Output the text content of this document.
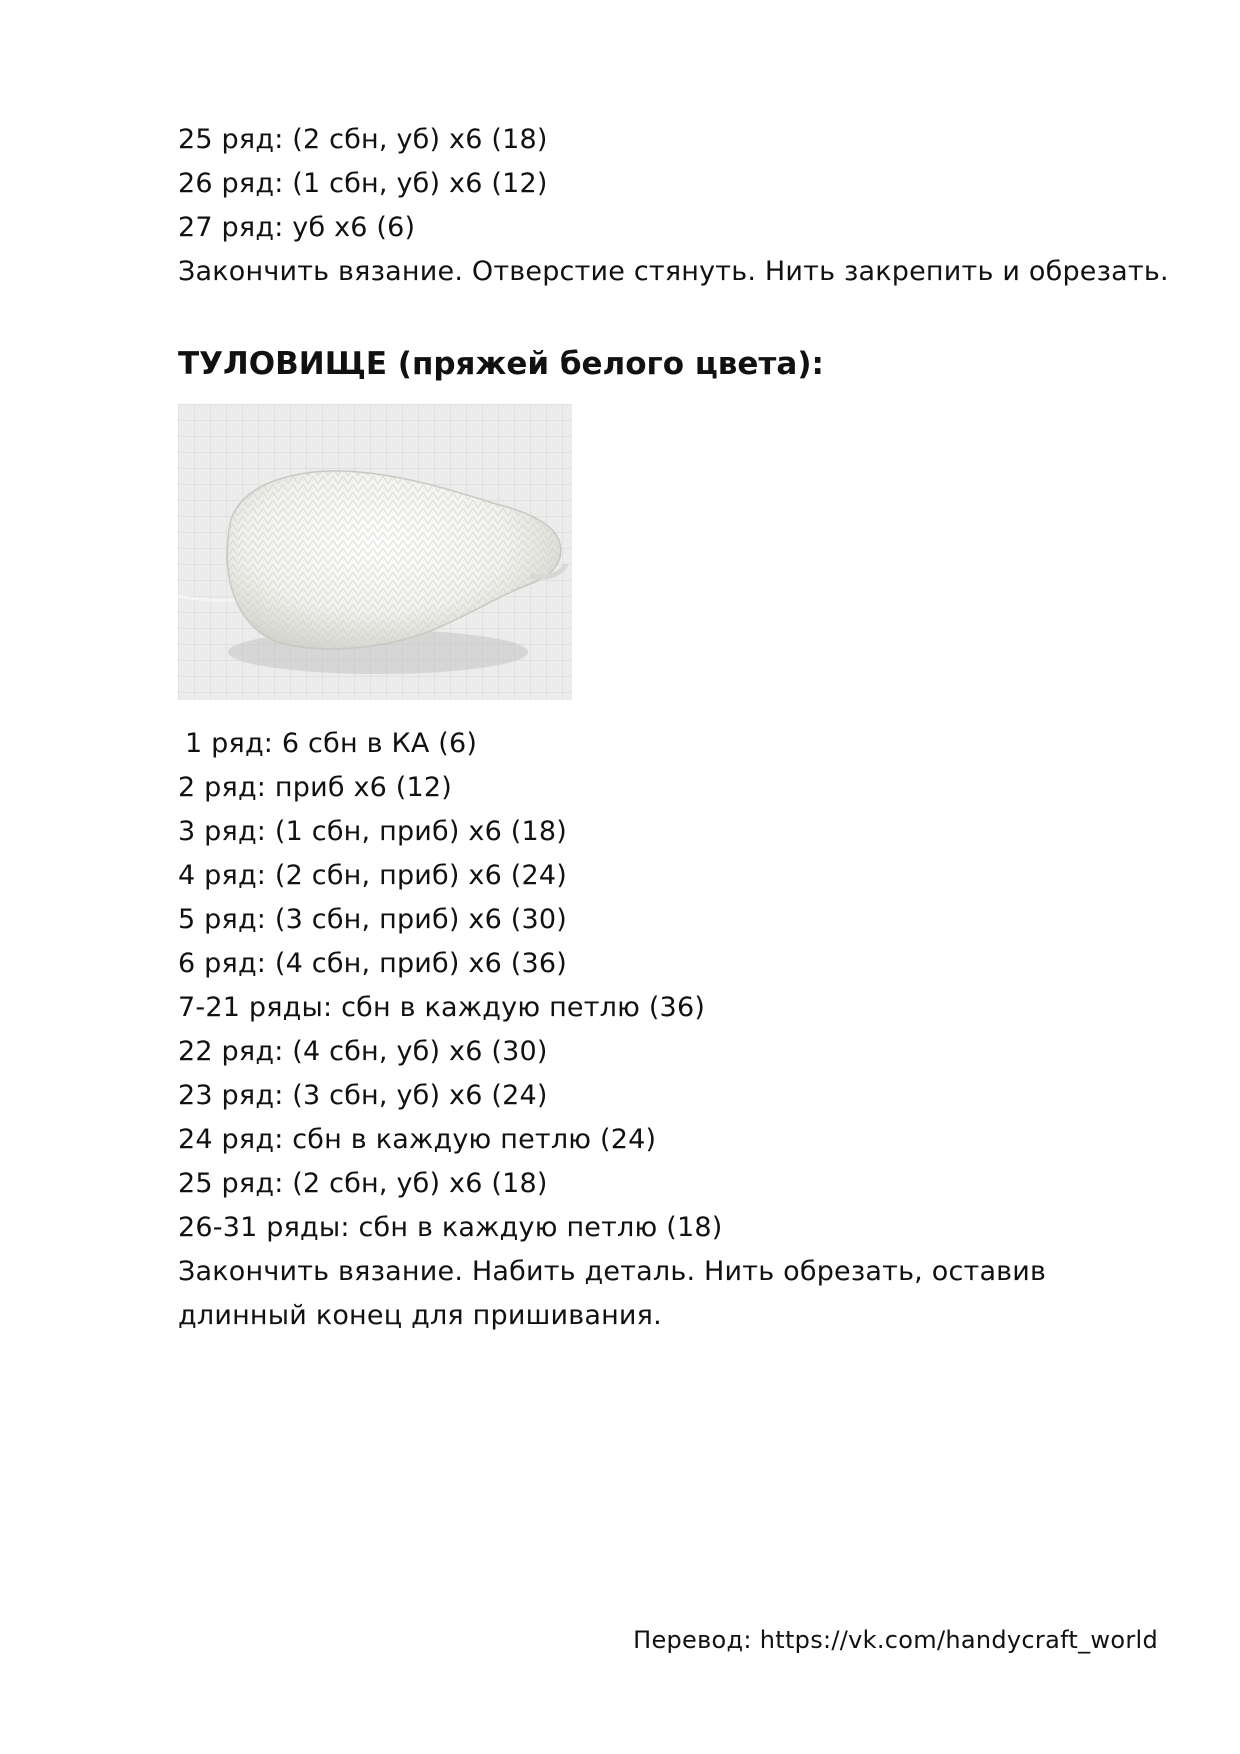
25 ряд: (2 сбн, уб) х6 (18)
26 ряд: (1 сбн, уб) х6 (12)
27 ряд: уб х6 (6)
Закончить вязание. Отверстие стянуть. Нить закрепить и обрезать.
ТУЛОВИЩЕ (пряжей белого цвета):
1 ряд: 6 сбн в КА (6)
2 ряд: приб х6 (12)
3 ряд: (1 сбн, приб) х6 (18)
4 ряд: (2 сбн, приб) х6 (24)
5 ряд: (3 сбн, приб) х6 (30)
6 ряд: (4 сбн, приб) х6 (36)
7-21 ряды: сбн в каждую петлю (36)
22 ряд: (4 сбн, уб) х6 (30)
23 ряд: (3 сбн, уб) х6 (24)
24 ряд: сбн в каждую петлю (24)
25 ряд: (2 сбн, уб) х6 (18)
26-31 ряды: сбн в каждую петлю (18)
Закончить вязание. Набить деталь. Нить обрезать, оставив длинный конец для пришивания.
Перевод: https://vk.com/handycraft_world
